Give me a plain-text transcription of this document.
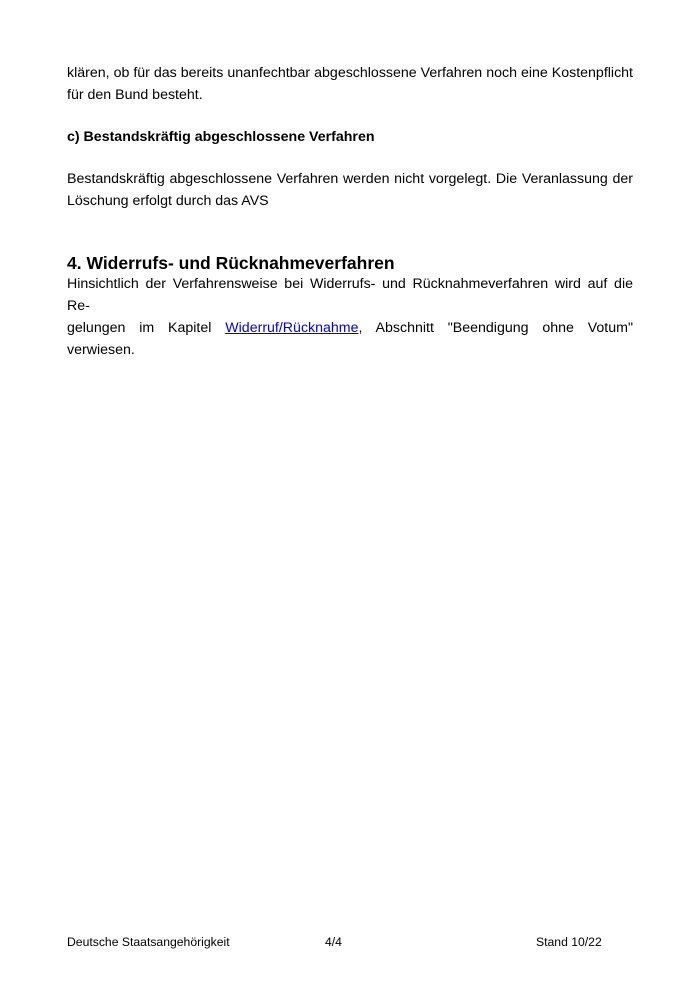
klären, ob für das bereits unanfechtbar abgeschlossene Verfahren noch eine Kostenpflicht
für den Bund besteht.

c) Bestandskräftig abgeschlossene Verfahren

Bestandskräftig abgeschlossene Verfahren werden nicht vorgelegt. Die Veranlassung der
Löschung erfolgt durch das AVS

4. Widerrufs- und Rücknahmeverfahren

Hinsichtlich der Verfahrensweise bei Widerrufs- und Rücknahmeverfahren wird auf die Re-
gelungen im Kapitel Widerruf/Rücknahme, Abschnitt "Beendigung ohne Votum" verwiesen.

Deutsche Staatsangehörigkeit	4/4	Stand 10/22
